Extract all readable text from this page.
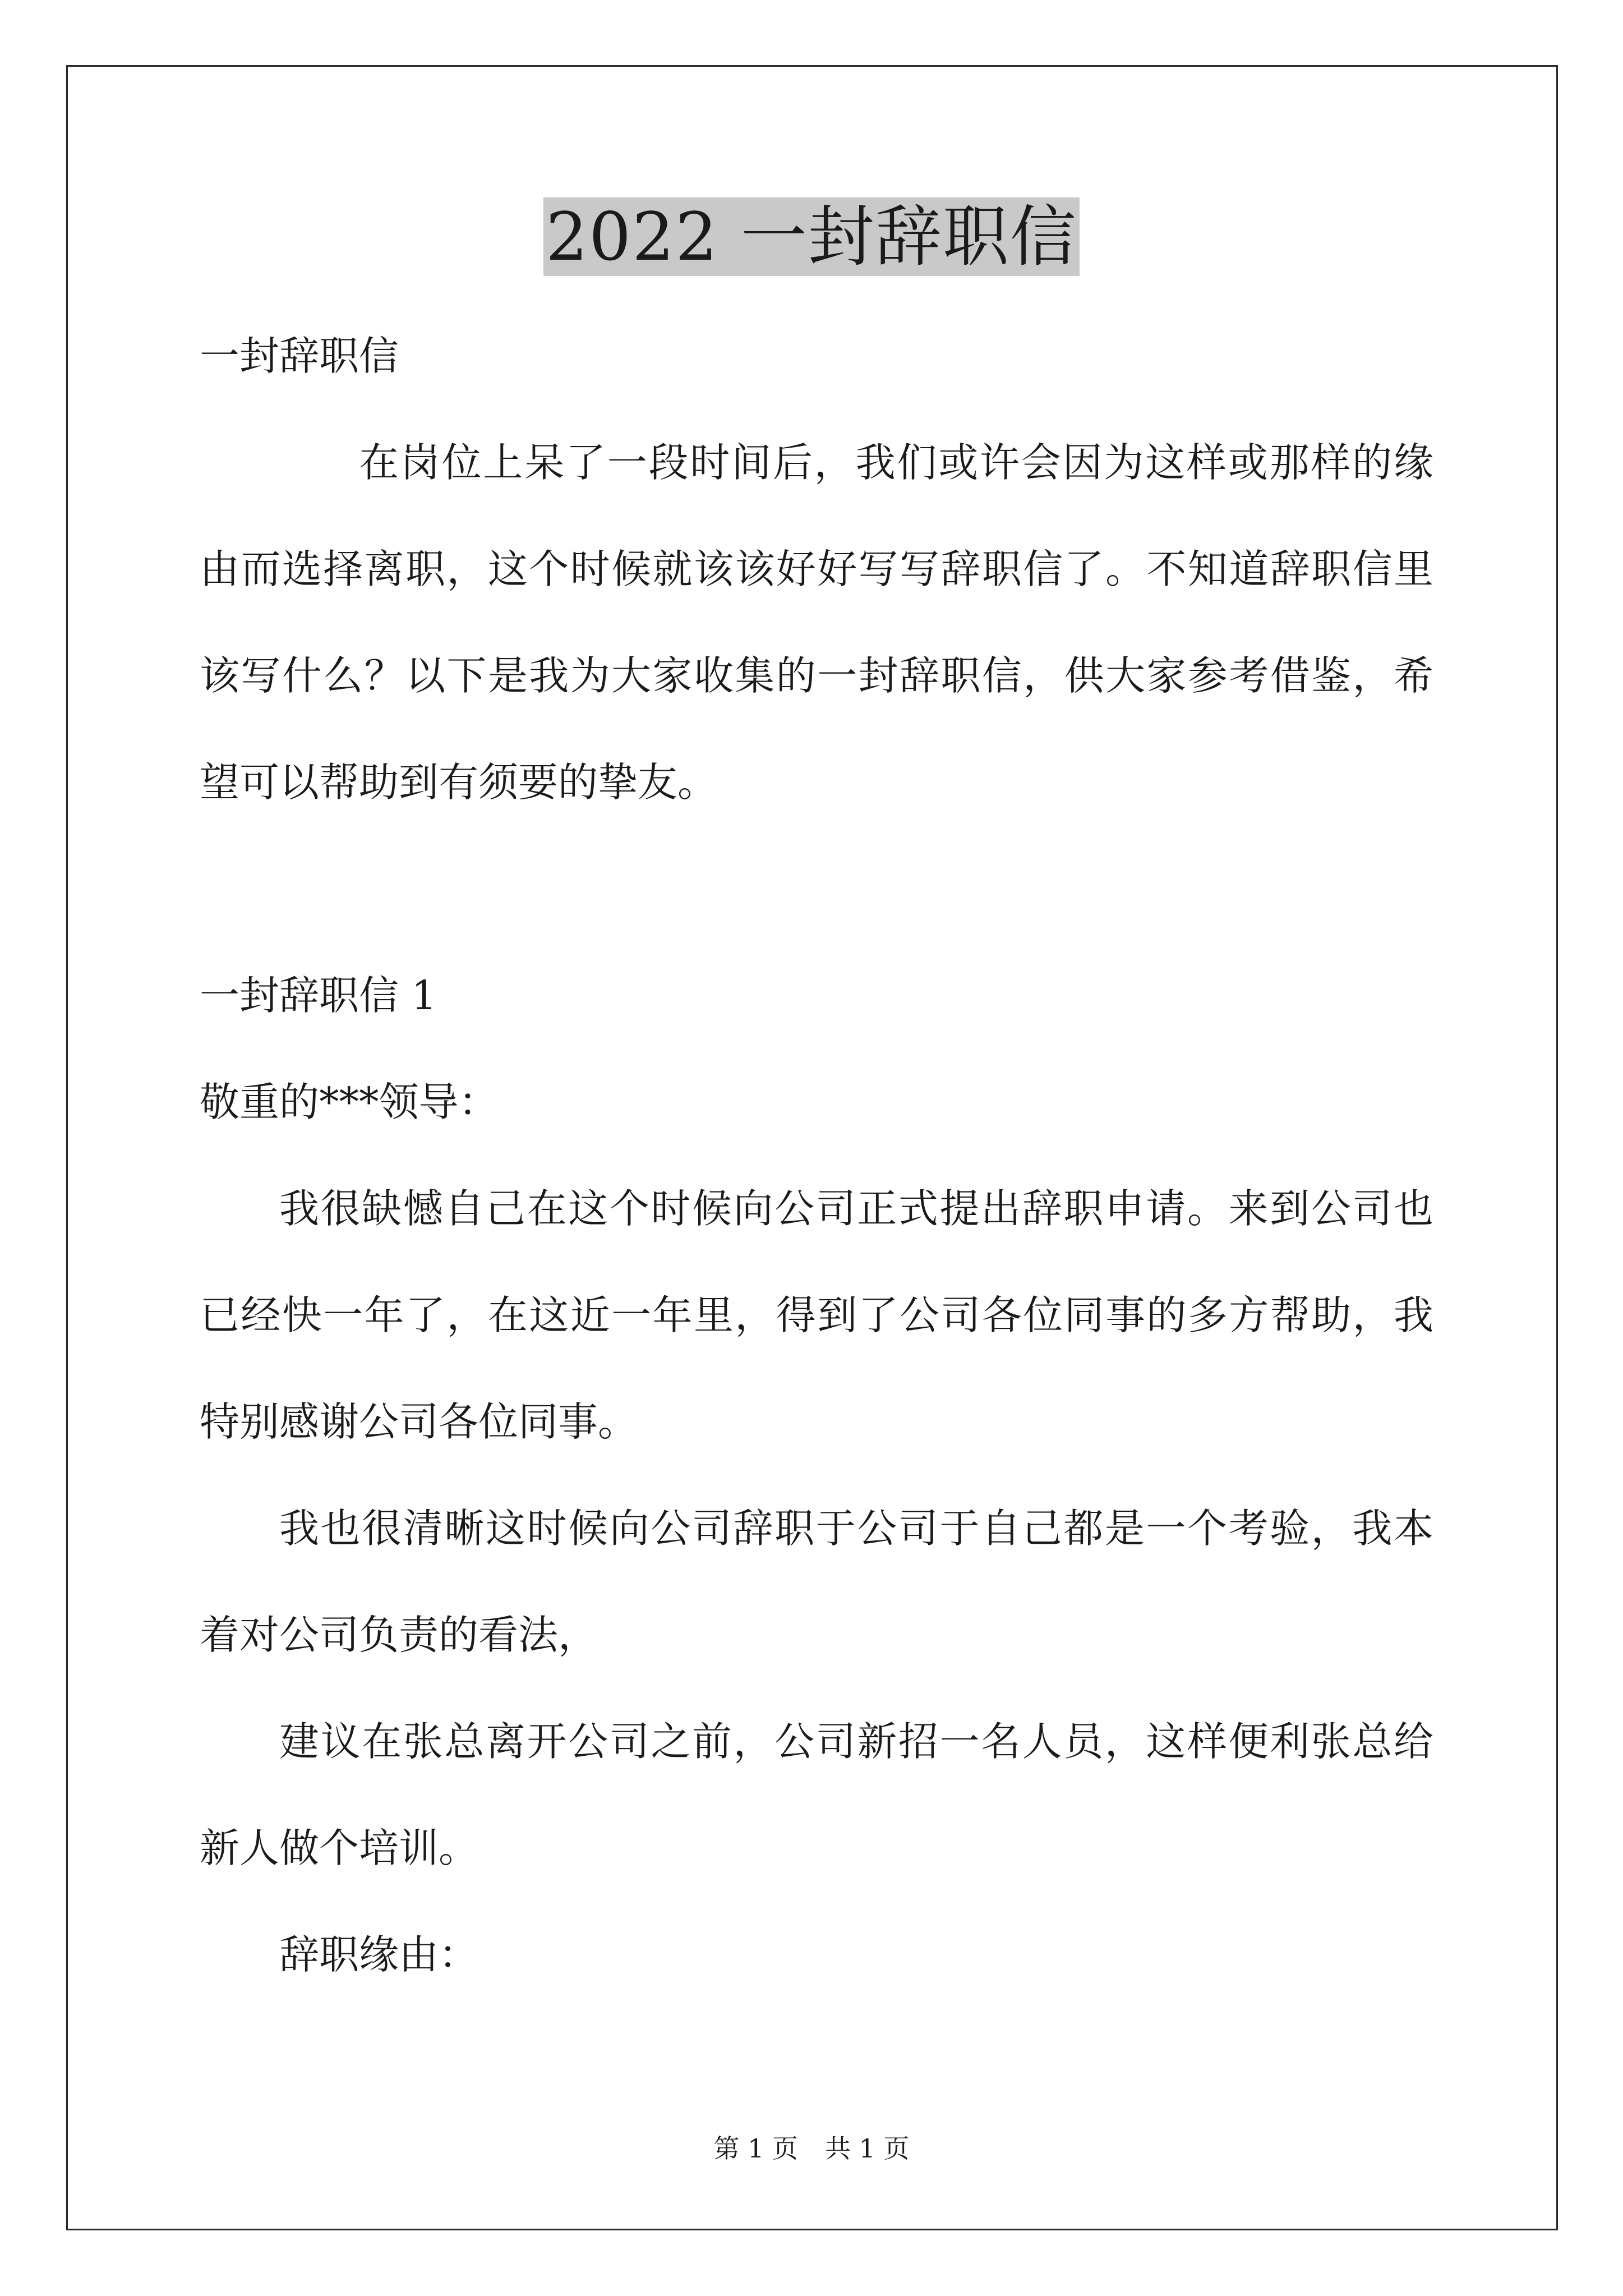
2022 一封辞职信

一封辞职信

在岗位上呆了一段时间后，我们或许会因为这样或那样的缘由而选择离职，这个时候就该该好好写写辞职信了。不知道辞职信里该写什么？以下是我为大家收集的一封辞职信，供大家参考借鉴，希望可以帮助到有须要的挚友。

一封辞职信 1

敬重的***领导：

我很缺憾自己在这个时候向公司正式提出辞职申请。来到公司也已经快一年了，在这近一年里，得到了公司各位同事的多方帮助，我特别感谢公司各位同事。

我也很清晰这时候向公司辞职于公司于自己都是一个考验，我本着对公司负责的看法，

建议在张总离开公司之前，公司新招一名人员，这样便利张总给新人做个培训。

辞职缘由：

第 1 页 共 1 页
